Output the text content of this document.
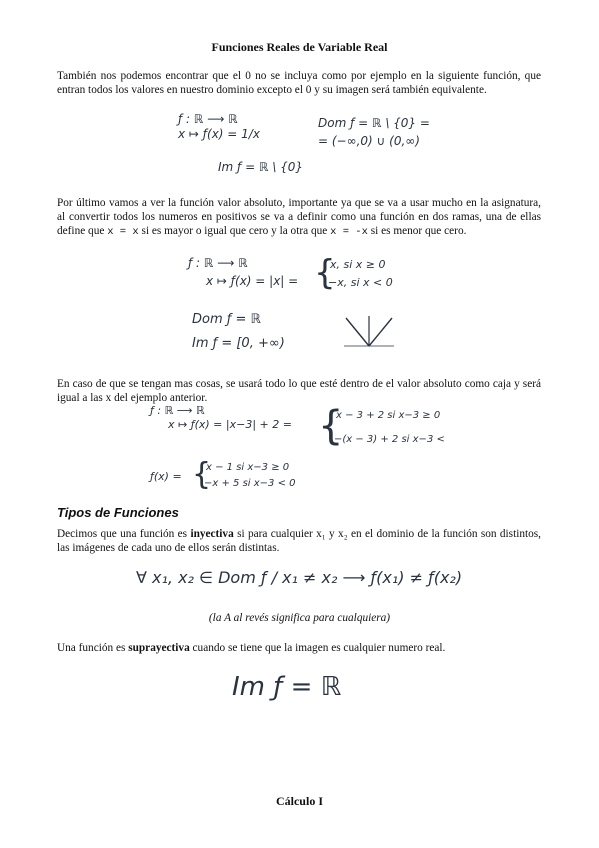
Funciones Reales de Variable Real
También nos podemos encontrar que el 0 no se incluya como por ejemplo en la siguiente función, que entran todos los valores en nuestro dominio excepto el 0 y su imagen será también equivalente.
ƒ : ℝ ⟶ ℝ
x ↦ ƒ(x) = 1/x
Dom ƒ = ℝ \ {0} =
= (−∞,0) ∪ (0,∞)
Im ƒ = ℝ \ {0}
Por último vamos a ver la función valor absoluto, importante ya que se va a usar mucho en la asignatura, al convertir todos los numeros en positivos se va a definir como una función en dos ramas, una de ellas define que x = x si es mayor o igual que cero y la otra que x = -x si es menor que cero.
ƒ : ℝ ⟶ ℝ
x ↦ ƒ(x) = |x| = {
x, si x ≥ 0
−x, si x < 0
Dom ƒ = ℝ
Im ƒ = [0, +∞)
En caso de que se tengan mas cosas, se usará todo lo que esté dentro de el valor absoluto como caja y será igual a las x del ejemplo anterior.
ƒ : ℝ ⟶ ℝ
x ↦ ƒ(x) = |x−3| + 2 = {
x − 3 + 2 si x−3 ≥ 0
−(x − 3) + 2 si x−3 <
ƒ(x) = {
x − 1 si x−3 ≥ 0
−x + 5 si x−3 < 0
Tipos de Funciones
Decimos que una función es inyectiva si para cualquier x₁ y x₂ en el dominio de la función son distintos, las imágenes de cada uno de ellos serán distintas.
∀ x₁, x₂ ∈ Dom ƒ / x₁ ≠ x₂ ⟶ ƒ(x₁) ≠ ƒ(x₂)
(la A al revés significa para cualquiera)
Una función es suprayectiva cuando se tiene que la imagen es cualquier numero real.
Im ƒ = ℝ
Cálculo I
